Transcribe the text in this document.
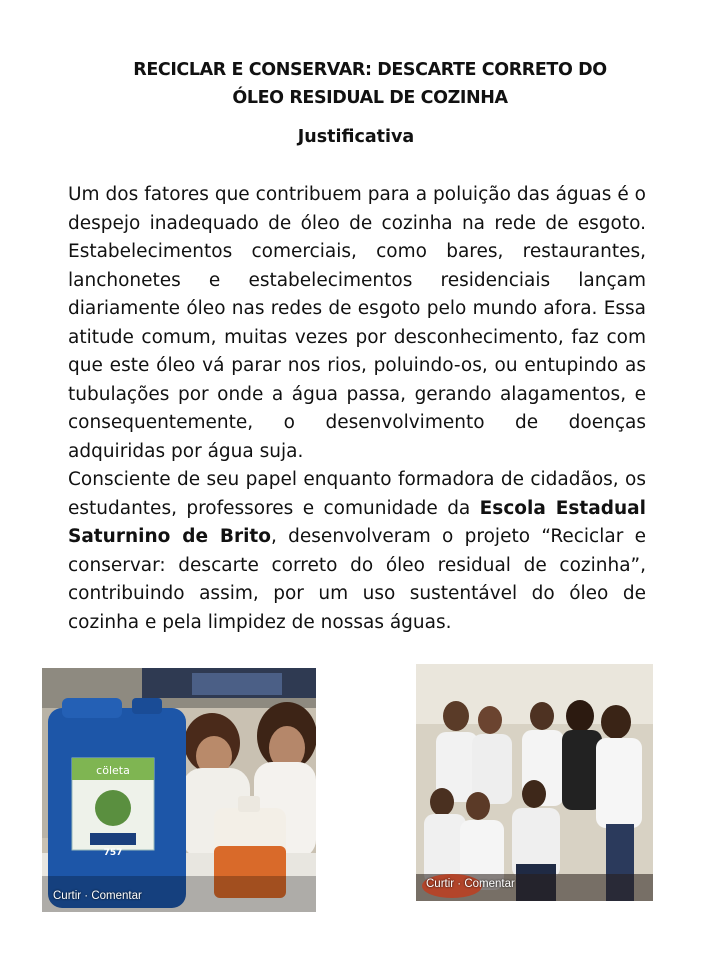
RECICLAR E CONSERVAR: DESCARTE CORRETO DO
ÓLEO RESIDUAL DE COZINHA
Justificativa

Um dos fatores que contribuem para a poluição das águas é o despejo inadequado de óleo de cozinha na rede de esgoto. Estabelecimentos comerciais, como bares, restaurantes, lanchonetes e estabelecimentos residenciais lançam diariamente óleo nas redes de esgoto pelo mundo afora. Essa atitude comum, muitas vezes por desconhecimento, faz com que este óleo vá parar nos rios, poluindo-os, ou entupindo as tubulações por onde a água passa, gerando alagamentos, e consequentemente, o desenvolvimento de doenças adquiridas por água suja.

Consciente de seu papel enquanto formadora de cidadãos, os estudantes, professores e comunidade da Escola Estadual Saturnino de Brito, desenvolveram o projeto “Reciclar e conservar: descarte correto do óleo residual de cozinha”, contribuindo assim, por um uso sustentável do óleo de cozinha e pela limpidez de nossas águas.

cöleta
757
Curtir · Comentar
Curtir · Comentar
